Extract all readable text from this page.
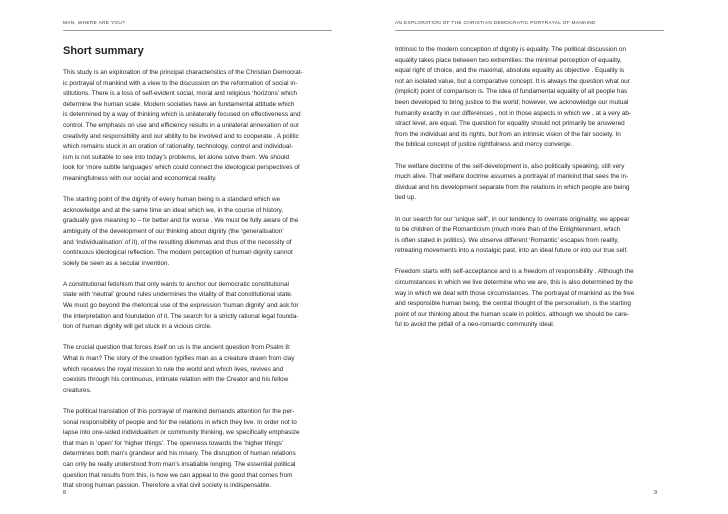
MAN, WHERE ARE YOU?
Short summary

This study is an exploration of the principal characteristics of the Christian Democrat-
ic portrayal of mankind with a view to the discussion on the reformation of social in-
stitutions. There is a loss of self-evident social, moral and religious ‘horizons’ which
determine the human scale. Modern societies have an fundamental attitude which
is determined by a way of thinking which is unilaterally focused on effectiveness and
control. The emphasis on use and efficiency results in a unilateral annexation of our
creativity and responsibility and our ability to be involved and to cooperate . A politic
which remains stuck in an oration of rationality, technology, control and individual-
ism is not suitable to see into today’s problems, let alone solve them. We should
look for ‘more subtle languages’ which could connect the ideological perspectives of
meaningfulness with our social and economical reality.

The starting point of the dignity of every human being is a standard which we
acknowledge and at the same time an ideal which we, in the course of history,
gradually give meaning to – for better and for worse . We must be fully aware of the
ambiguity of the development of our thinking about dignity (the ‘generalisation’
and ‘individualisation’ of it), of the resulting dilemmas and thus of the necessity of
continuous ideological reflection. The modern perception of human dignity cannot
solely be seen as a secular invention.

A constitutional fetishism that only wants to anchor our democratic constitutional
state with ‘neutral’ ground rules undermines the vitality of that constitutional state.
We must go beyond the rhetorical use of the expression ‘human dignity’ and ask for
the interpretation and foundation of it. The search for a strictly rational legal founda-
tion of human dignity will get stuck in a vicious circle.

The crucial question that forces itself on us is the ancient question from Psalm 8:
What is man? The story of the creation typifies man as a creature drawn from clay
which receives the royal mission to rule the world and which lives, revives and
coexists through his continuous, intimate relation with the Creator and his fellow
creatures.

The political translation of this portrayal of mankind demands attention for the per-
sonal responsibility of people and for the relations in which they live. In order not to
lapse into one-sided individualism or community thinking, we specifically emphasize
that man is ‘open’ for ‘higher things’. The openness towards the ‘higher things’
determines both man’s grandeur and his misery. The disruption of human relations
can only be really understood from man’s insatiable longing. The essential political
question that results from this, is how we can appeal to the good that comes from
that strong human passion. Therefore a vital civil society is indispensable.

8
AN EXPLORATION OF THE CHRISTIAN DEMOCRATIC PORTRAYAL OF MANKIND

Intrinsic to the modern conception of dignity is equality. The political discussion on
equality takes place between two extremities: the minimal perception of equality,
equal right of choice, and the maximal, absolute equality as objective . Equality is
not an isolated value, but a comparative concept. It is always the question what our
(implicit) point of comparison is. The idea of fundamental equality of all people has
been developed to bring justice to the world; however, we acknowledge our mutual
humanity exactly in our differences , not in those aspects in which we , at a very ab-
stract level, are equal. The question for equality should not primarily be answered
from the individual and its rights, but from an intrinsic vision of the fair society. In
the biblical concept of justice rightfulness and mercy converge.

The welfare doctrine of the self-development is, also politically speaking, still very
much alive. That welfare doctrine assumes a portrayal of mankind that sees the in-
dividual and his development separate from the relations in which people are being
tied up.

In our search for our ‘unique self’, in our tendency to overrate originality, we appear
to be children of the Romanticism (much more than of the Enlightenment, which
is often stated in politics). We observe different ‘Romantic’ escapes from reality,
retreating movements into a nostalgic past, into an ideal future or into our true self.

Freedom starts with self-acceptance and is a freedom of responsibility . Although the
circumstances in which we live determine who we are, this is also determined by the
way in which we deal with those circumstances. The portrayal of mankind as the free
and responsible human being, the central thought of the personalism, is the starting
point of our thinking about the human scale in politics, although we should be care-
ful to avoid the pitfall of a neo-romantic community ideal.

9
